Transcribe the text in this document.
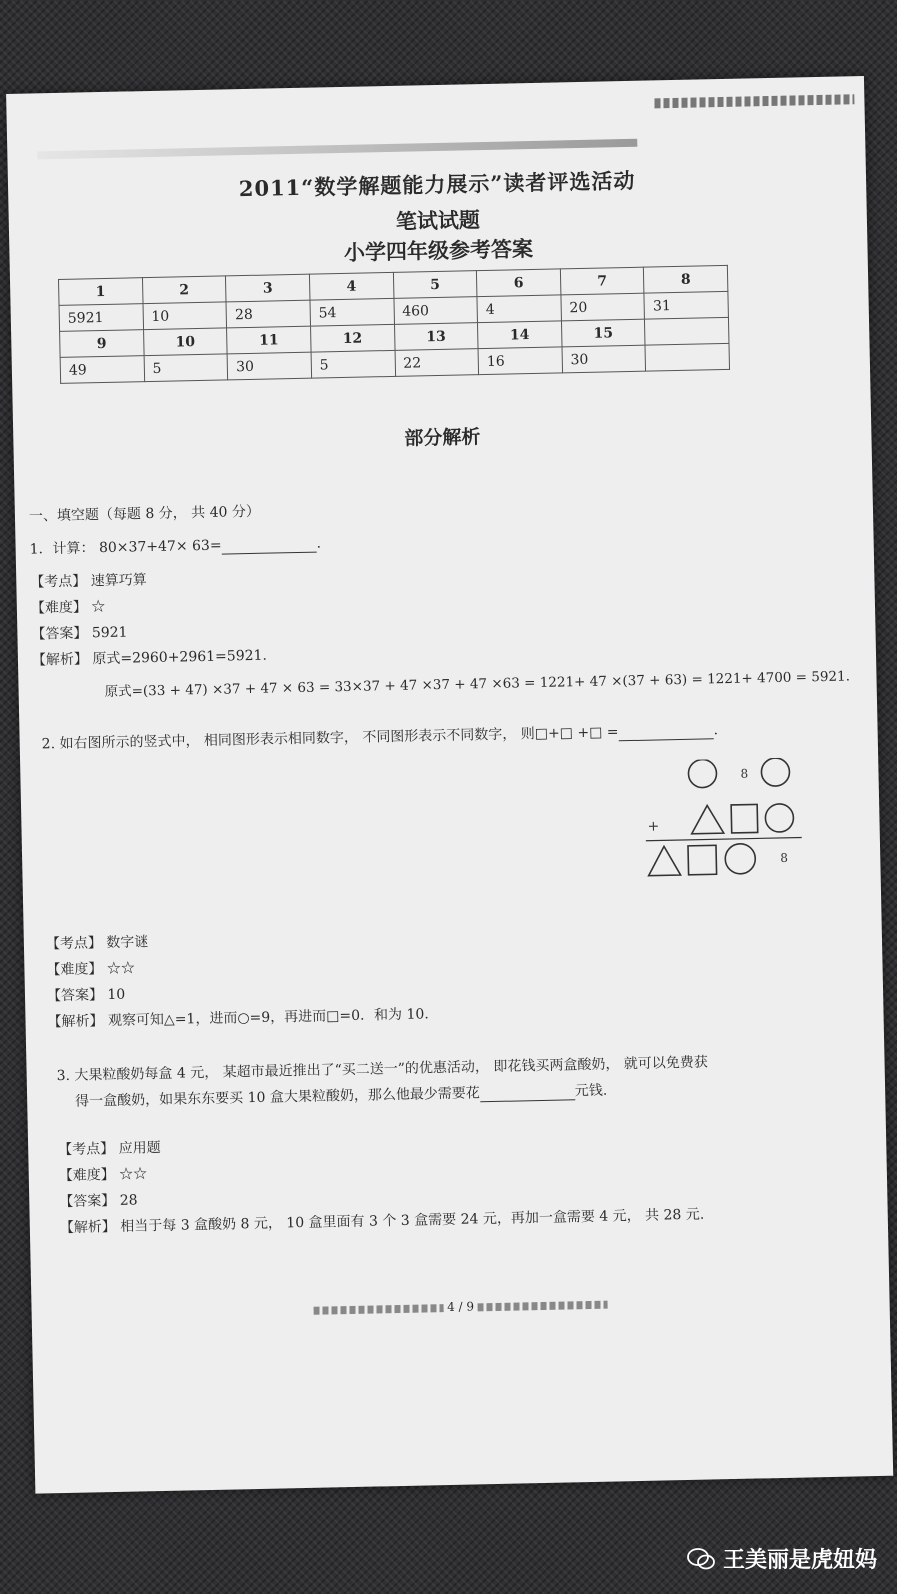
2011“数学解题能力展示”读者评选活动
笔试试题
小学四年级参考答案
1	2	3	4	5	6	7	8
5921	10	28	54	460	4	20	31
9	10	11	12	13	14	15	
49	5	30	5	22	16	30	
部分解析
一、填空题（每题 8 分， 共 40 分）
1．计算： 80×37+47× 63=	.
【考点】 速算巧算
【难度】 ☆
【答案】 5921
【解析】 原式=2960+2961=5921.
原式=(33 + 47) ×37 + 47 × 63 = 33×37 + 47 ×37 + 47 ×63 = 1221+ 47 ×(37 + 63) = 1221+ 4700 = 5921.
2. 如右图所示的竖式中， 相同图形表示相同数字， 不同图形表示不同数字， 则□+□ +□ =	.
8
+
8
【考点】 数字谜
【难度】 ☆☆
【答案】 10
【解析】 观察可知△=1，进而○=9，再进而□=0．和为 10.
3. 大果粒酸奶每盒 4 元， 某超市最近推出了“买二送一”的优惠活动， 即花钱买两盒酸奶， 就可以免费获
得一盒酸奶，如果东东要买 10 盒大果粒酸奶，那么他最少需要花	元钱.
【考点】 应用题
【难度】 ☆☆
【答案】 28
【解析】 相当于每 3 盒酸奶 8 元， 10 盒里面有 3 个 3 盒需要 24 元，再加一盒需要 4 元， 共 28 元.
4 / 9
王美丽是虎妞妈
